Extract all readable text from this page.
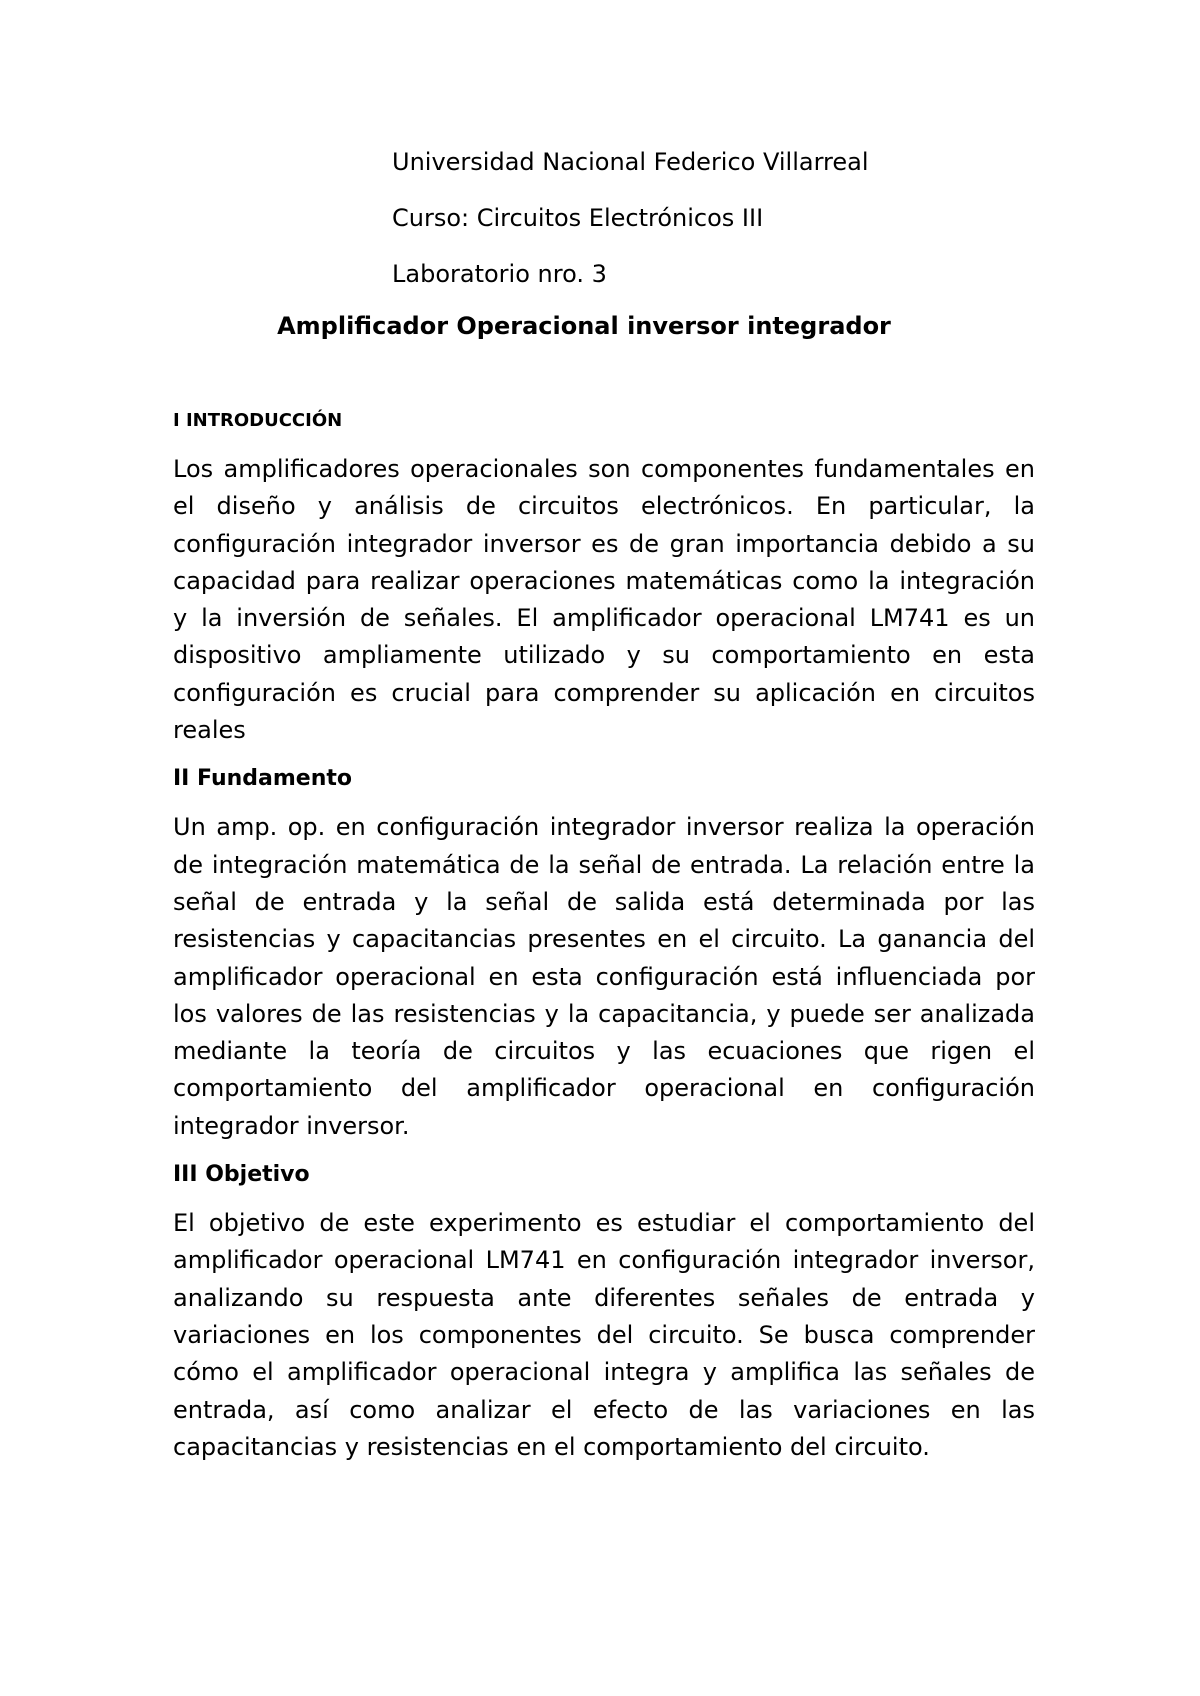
Universidad Nacional Federico Villarreal
Curso: Circuitos Electrónicos III
Laboratorio nro. 3
Amplificador Operacional inversor integrador
I INTRODUCCIÓN

Los amplificadores operacionales son componentes fundamentales en el diseño y análisis de circuitos electrónicos. En particular, la configuración integrador inversor es de gran importancia debido a su capacidad para realizar operaciones matemáticas como la integración y la inversión de señales. El amplificador operacional LM741 es un dispositivo ampliamente utilizado y su comportamiento en esta configuración es crucial para comprender su aplicación en circuitos reales

II Fundamento

Un amp. op. en configuración integrador inversor realiza la operación de integración matemática de la señal de entrada. La relación entre la señal de entrada y la señal de salida está determinada por las resistencias y capacitancias presentes en el circuito. La ganancia del amplificador operacional en esta configuración está influenciada por los valores de las resistencias y la capacitancia, y puede ser analizada mediante la teoría de circuitos y las ecuaciones que rigen el comportamiento del amplificador operacional en configuración integrador inversor.

III Objetivo

El objetivo de este experimento es estudiar el comportamiento del amplificador operacional LM741 en configuración integrador inversor, analizando su respuesta ante diferentes señales de entrada y variaciones en los componentes del circuito. Se busca comprender cómo el amplificador operacional integra y amplifica las señales de entrada, así como analizar el efecto de las variaciones en las capacitancias y resistencias en el comportamiento del circuito.
